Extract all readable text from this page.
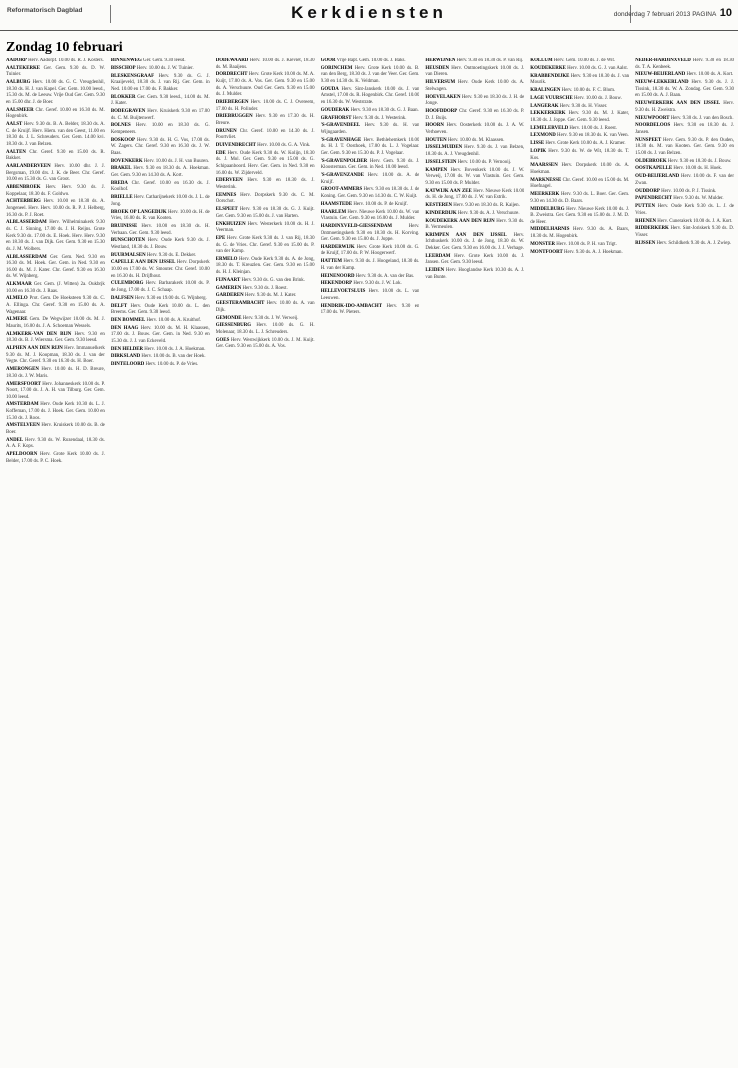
Reformatorisch Dagblad	Kerkdiensten	donderdag 7 februari 2013 PAGINA 10
Zondag 10 februari

AADORP Herv. Aadorpf. 10.00 ds. R. J. Kosters.

AALTEKERKE Ger. Gem. 9.30 ds. D. W. Tuinier.

AALBURG Herv. 10.00 ds. G. C. Vreugdenhil, 18.30 ds. H. J. van Kapel. Ger. Gem. 10.00 leesd., 15.30 ds. M. de Leeuw. Vrije Oud Ger. Gem. 9.30 en 15.00 dhr. J. de Boer.

AALSMEER Chr. Geref. 10.00 en 16.30 ds. M. Hogenbirk.

AALST Herv. 9.30 ds. B. A. Belder, 18.30 ds. A. C. de Kruijf. Herv. Hiem. van den Geest, 11.00 en 18.30 ds. J. L. Schreuders. Ger. Gem. 14.00 kvi. 18.30 ds. J. van Belzen.

AALTEN Chr. Geref. 9.30 en 15.00 ds. R. Bakker.

AARLANDERVEEN Herv. 10.00 dhr. J. J. Bergsman, 19.00 drs. J. K. de Beer. Chr. Geref. 10.00 en 15.30 ds. G. van Groot.

ABBENBROEK Herv. Herv. 9.30 ds. J. Koppelaar, 18.30 ds. F. Goldwo.

ACHTERBERG Herv. 10.00 en 18.30 ds. A. Jongeneel. Herv. Herv. 10.00 ds. R. P. J. Helberg, 16.30 ds. P. J. Roet.

ALBLASSERDAM Herv. Wilhelminakerk 9.30 ds. C. J. Sinning, 17.00 ds. J. H. Reijns. Grote Kerk 9.30 ds. 17.00 ds. E. Hoek. Herv. Herv. 9.30 en 18.30 ds. J. van Dijk. Ger. Gem. 9.30 en 15.30 ds. J. M. Wolbers.

ALBLASSERDAM Ger. Gem. Ned. 9.30 en 16.30 ds. M. Hoek. Ger. Gem. in Ned. 9.30 en 16.00 ds. M. J. Kater. Chr. Geref. 9.30 en 16.30 ds. W. Wijnberg.

ALKMAAR Ger. Gem. (J. Witten) 2a. Oukbrjk 10.00 en 16.30 ds. J. Raas.

ALMELO Prot. Gem. De Hoeksteen 9.30 ds. C. A. Ellinga. Chr. Geref. 9.30 en 15.00 ds. A. Wagenaar.

ALMERE Gem. De Wegwijzer 10.00 ds. M. J. Maurits, 16.00 ds. J. A. Schoeman Wessels.

ALMKERK-VAN DEN BIJN Herv. 9.30 en 18.30 ds. B. J. Wiersma. Ger. Gem. 9.30 leesd.

ALPHEN AAN DEN RIJN Herv. Immanuelkerk 9.30 ds. M. J. Koopman, 18.30 ds. J. van der Vegte. Chr. Geref. 9.30 en 16.30 ds. H. Boer.

AMERONGEN Herv. 10.00 ds. H. D. Breure, 18.30 ds. J. W. Maris.

AMERSFOORT Herv. Johanneskerk 10.00 ds. P. Noort, 17.00 ds. J. A. H. van Tilburg. Ger. Gem. 10.00 leesd.

AMSTERDAM Herv. Oude Kerk 10.30 ds. L. J. Koffeman, 17.00 ds. J. Hoek. Ger. Gem. 10.00 en 15.30 ds. J. Roos.

AMSTELVEEN Herv. Kruiskerk 10.00 ds. B. de Boer.

ANDEL Herv. 9.30 ds. W. Rozendaal, 18.30 ds. A. A. F. Kops.

APELDOORN Herv. Grote Kerk 10.00 ds. J. Belder, 17.00 ds. P. C. Hoek.

BINNENWEG Ger. Gem. 9.30 leesd.

BISSCHOP Herv. 10.00 ds. J. W. Tuinier.

BLESKENSGRAAF Herv. 9.30 ds. G. J. Kraaijeveld, 18.30 ds. J. van Rij. Ger. Gem. in Ned. 10.00 en 17.00 ds. F. Bakker.

BLOKKER Ger. Gem. 9.30 leesd., 14.00 ds. M. J. Kater.

BODEGRAVEN Herv. Kruiskerk 9.30 en 17.00 ds. C. M. Buijtenwerf.

BOLNES Herv. 10.00 en 18.30 ds. G. Kempeneers.

BOSKOOP Herv. 9.30 ds. H. G. Vos, 17.00 ds. W. Zagers. Chr. Geref. 9.30 en 16.30 ds. J. W. Baas.

BOVENKERK Herv. 10.00 ds. J. H. van Buuren.

BRAKEL Herv. 9.30 en 18.30 ds. A. Hoekman. Ger. Gem. 9.30 en 14.30 ds. A. Kort.

BREDA Chr. Geref. 10.00 en 16.30 ds. J. Koolhof.

BRIELLE Herv. Catharijnekerk 10.00 ds. J. L. de Jong.

BROEK OP LANGEDIJK Herv. 10.00 ds. H. de Vries, 16.00 ds. R. van Kooten.

BRUINISSE Herv. 10.00 en 18.30 ds. H. Verbaan. Ger. Gem. 9.30 leesd.

BUNSCHOTEN Herv. Oude Kerk 9.30 ds. J. Westland, 18.30 ds. J. Bouw.

BUURMALSEN Herv. 9.30 ds. E. Dekker.

CAPELLE AAN DEN IJSSEL Herv. Dorpskerk 10.00 en 17.00 ds. W. Smouter. Chr. Geref. 10.00 en 16.30 ds. H. Drijfhout.

CULEMBORG Herv. Barbarakerk 10.00 ds. P. de Jong, 17.00 ds. J. C. Schaap.

DALFSEN Herv. 9.30 en 19.00 ds. G. Wijnberg.

DELFT Herv. Oude Kerk 10.00 ds. L. den Breems. Ger. Gem. 9.30 leesd.

DEN BOMMEL Herv. 10.00 ds. A. Kruithof.

DEN HAAG Herv. 10.00 ds. M. H. Klaassen, 17.00 ds. J. Bouw. Ger. Gem. in Ned. 9.30 en 15.30 ds. J. J. van Eckeveld.

DEN HELDER Herv. 10.00 ds. J. A. Hoekman.

DIRKSLAND Herv. 10.00 ds. B. van der Hoek.

DINTELOORD Herv. 10.00 ds. P. de Vries.

DODEWAARD Herv. 10.00 ds. J. Kieviet, 18.30 ds. M. Baaijens.

DORDRECHT Herv. Grote Kerk 10.00 ds. M. A. Kuijt, 17.00 ds. A. Vos. Ger. Gem. 9.30 en 15.00 ds. A. Verschuure. Oud Ger. Gem. 9.30 en 15.00 ds. J. Mulder.

DRIEBERGEN Herv. 10.00 ds. C. J. Overeem, 17.00 ds. H. Polinder.

DRIEBRUGGEN Herv. 9.30 en 17.30 ds. H. Breure.

DRUNEN Chr. Geref. 10.00 en 14.30 ds. J. Poortvliet.

DUIVENDRECHT Herv. 10.00 ds. G. A. Vink.

EDE Herv. Oude Kerk 9.30 ds. W. Kolijn, 18.30 ds. J. Mol. Ger. Gem. 9.30 en 15.00 ds. G. Schipaanboord. Herv. Ger. Gem. in Ned. 9.30 en 16.00 ds. W. Zijderveld.

EDERVEEN Herv. 9.30 en 18.30 ds. J. Westerink.

EEMNES Herv. Dorpskerk 9.30 ds. C. M. Oorschot.

ELSPEET Herv. 9.30 en 18.30 ds. G. J. Kuijt. Ger. Gem. 9.30 en 15.00 ds. J. van Harten.

ENKHUIZEN Herv. Westerkerk 10.00 ds. H. J. Veerman.

EPE Herv. Grote Kerk 9.30 ds. J. van Rij, 18.30 ds. G. de Vries. Chr. Geref. 9.30 en 15.00 ds. P. van der Kamp.

ERMELO Herv. Oude Kerk 9.30 ds. A. de Jong, 18.30 ds. T. Kreuzlen. Ger. Gem. 9.30 en 15.00 ds. H. J. Kleinjan.

FIJNAART Herv. 9.30 ds. G. van den Brink.

GAMEREN Herv. 9.30 ds. J. Roest.

GARDEREN Herv. 9.30 ds. M. J. Kater.

GEESTERAMBACHT Herv. 10.00 ds. A. van Dijk.

GEMONDE Herv. 9.30 ds. J. W. Verweij.

GIESSENBURG Herv. 10.00 ds. G. H. Molenaar, 18.30 ds. L. J. Schreuders.

GOES Herv. Westwijkkerk 10.00 ds. J. M. Kuijt. Ger. Gem. 9.30 en 15.00 ds. A. Vos.

GOOR Vrije Bapt. Gem. 10.00 ds. J. Baks.

GORINCHEM Herv. Grote Kerk 10.00 ds. B. van den Berg, 18.30 ds. J. van der Veer. Ger. Gem. 9.30 en 14.30 ds. K. Veldman.

GOUDA Herv. Sint-Janskerk 10.00 ds. J. van Amstel, 17.00 ds. R. Hogenbirk. Chr. Geref. 10.00 en 16.30 ds. W. Weststrate.

GOUDERAK Herv. 9.30 en 18.30 ds. G. J. Baan.

GRAFHORST Herv. 9.30 ds. J. Westerink.

'S-GRAVENDEEL Herv. 9.30 ds. H. van Wijngaarden.

'S-GRAVENHAGE Herv. Bethlehemkerk 10.00 ds. H. J. T. Oosthoek, 17.00 ds. L. J. Vogelaar. Ger. Gem. 9.30 en 15.30 ds. P. J. Vogelaar.

'S-GRAVENPOLDER Herv. Gem. 9.30 ds. J. Kloosterman. Ger. Gem. in Ned. 10.00 leesd.

'S-GRAVENZANDE Herv. 10.00 ds. A. de Kruijf.

GROOT-AMMERS Herv. 9.30 en 18.30 ds. J. de Koning. Ger. Gem. 9.30 en 14.30 ds. C. W. Kuijt.

HAAMSTEDE Herv. 10.00 ds. P. de Kruijf.

HAARLEM Herv. Nieuwe Kerk 10.00 ds. W. van Vlastuin. Ger. Gem. 9.30 en 16.00 ds. J. Mulder.

HARDINXVELD-GIESSENDAM Herv. Ontmoetingskerk 9.30 en 18.30 ds. H. Korving. Ger. Gem. 9.30 en 15.00 ds. J. Joppe.

HARDERWIJK Herv. Grote Kerk 10.00 ds. G. de Kruijf, 17.00 ds. P. W. Hoogerwerf.

HATTEM Herv. 9.30 ds. J. Hoogeland, 18.30 ds. H. van der Kamp.

HEINENOORD Herv. 9.30 ds. A. van der Bas.

HEKENDORP Herv. 9.30 ds. J. W. Lok.

HELLEVOETSLUIS Herv. 10.00 ds. L. van Leeuwen.

HENDRIK-IDO-AMBACHT Herv. 9.30 en 17.00 ds. W. Pieters.

HERWIJNEN Herv. 9.30 en 18.30 ds. P. van Rij.

HEUSDEN Herv. Ontmoetingskerk 10.00 ds. J. van Dieren.

HILVERSUM Herv. Oude Kerk 10.00 ds. A. Stelwagen.

HOEVELAKEN Herv. 9.30 en 18.30 ds. J. H. de Jonge.

HOOFDDORP Chr. Geref. 9.30 en 16.30 ds. P. D. J. Buijs.

HOORN Herv. Oosterkerk 10.00 ds. J. A. W. Verhoeven.

HOUTEN Herv. 10.00 ds. M. Klaassen.

IJSSELMUIDEN Herv. 9.30 ds. J. van Belzen, 18.30 ds. A. J. Vreugdenhil.

IJSSELSTEIN Herv. 10.00 ds. P. Vernooij.

KAMPEN Herv. Bovenkerk 10.00 ds. J. W. Verweij, 17.00 ds. W. van Vlastuin. Ger. Gem. 9.30 en 15.00 ds. P. Mulder.

KATWIJK AAN ZEE Herv. Nieuwe Kerk 10.00 ds. H. de Jong, 17.00 ds. J. W. van Estrik.

KESTEREN Herv. 9.30 en 18.30 ds. R. Kaijen.

KINDERDIJK Herv. 9.30 ds. A. J. Verschuure.

KOUDEKERK AAN DEN RIJN Herv. 9.30 ds. B. Vermeulen.

KRIMPEN AAN DEN IJSSEL Herv. Ichthuskerk 10.00 ds. J. de Jong, 18.30 ds. W. Dekker. Ger. Gem. 9.30 en 16.00 ds. J. J. Verhage.

LEERDAM Herv. Grote Kerk 10.00 ds. J. Jansen. Ger. Gem. 9.30 leesd.

LEIDEN Herv. Hooglandse Kerk 10.30 ds. A. J. van Bunte.

KOLLUM Herv. Gem. 10.00 ds. J. de Wit.

KOUDEKERKE Herv. 10.00 ds. G. J. van Aalst.

KRABBENDIJKE Herv. 9.30 en 18.30 ds. J. van Mourik.

KRALINGEN Herv. 10.00 ds. F. C. Blom.

LAGE VUURSCHE Herv. 10.00 ds. J. Bouw.

LANGERAK Herv. 9.30 ds. H. Visser.

LEKKERKERK Herv. 9.30 ds. M. J. Kater, 18.30 ds. J. Joppe. Ger. Gem. 9.30 leesd.

LEMELERVELD Herv. 10.00 ds. J. Roest.

LEXMOND Herv. 9.30 en 18.30 ds. K. van Veen.

LISSE Herv. Grote Kerk 10.00 ds. A. J. Kramer.

LOPIK Herv. 9.30 ds. W. de Wit, 18.30 ds. T. Kos.

MAARSSEN Herv. Dorpskerk 10.00 ds. A. Hoekman.

MARKNESSE Chr. Geref. 10.00 en 15.00 ds. M. Hoefnagel.

MEERKERK Herv. 9.30 ds. L. Boer. Ger. Gem. 9.30 en 14.30 ds. D. Baars.

MIDDELBURG Herv. Nieuwe Kerk 10.00 ds. J. B. Zweistra. Ger. Gem. 9.30 en 15.00 ds. J. M. D. de Heer.

MIDDELHARNIS Herv. 9.30 ds. A. Baars, 18.30 ds. M. Hogenbirk.

MONSTER Herv. 10.00 ds. P. H. van Trigt.

MONTFOORT Herv. 9.30 ds. A. J. Hoekman.

NEDER-HARDINXVELD Herv. 9.30 en 18.30 ds. T. A. Kenbeek.

NIEUW-BEIJERLAND Herv. 10.00 ds. A. Kort.

NIEUW-LEKKERLAND Herv. 9.30 ds. J. J. Tissink, 18.30 ds. W. A. Zondag. Ger. Gem. 9.30 en 15.00 ds. A. J. Baan.

NIEUWERKERK AAN DEN IJSSEL Herv. 9.30 ds. H. Zweistra.

NIEUWPOORT Herv. 9.30 ds. J. van den Bosch.

NOORDELOOS Herv. 9.30 en 18.30 ds. J. Jansen.

NUNSPEET Herv. Gem. 9.30 ds. P. den Ouden, 18.30 ds. M. van Kooten. Ger. Gem. 9.30 en 15.00 ds. J. van Belzen.

OLDEBROEK Herv. 9.30 en 18.30 ds. J. Bouw.

OOSTKAPELLE Herv. 10.00 ds. H. Hoek.

OUD-BEIJERLAND Herv. 10.00 ds. F. van der Zwan.

OUDDORP Herv. 10.00 ds. P. J. Tissink.

PAPENDRECHT Herv. 9.30 ds. W. Mulder.

PUTTEN Herv. Oude Kerk 9.30 ds. L. J. de Vries.

RHENEN Herv. Cunerakerk 10.00 ds. J. A. Kort.

RIDDERKERK Herv. Sint-Joriskerk 9.30 ds. D. Visser.

RIJSSEN Herv. Schildkerk 9.30 ds. A. J. Zwiep.
